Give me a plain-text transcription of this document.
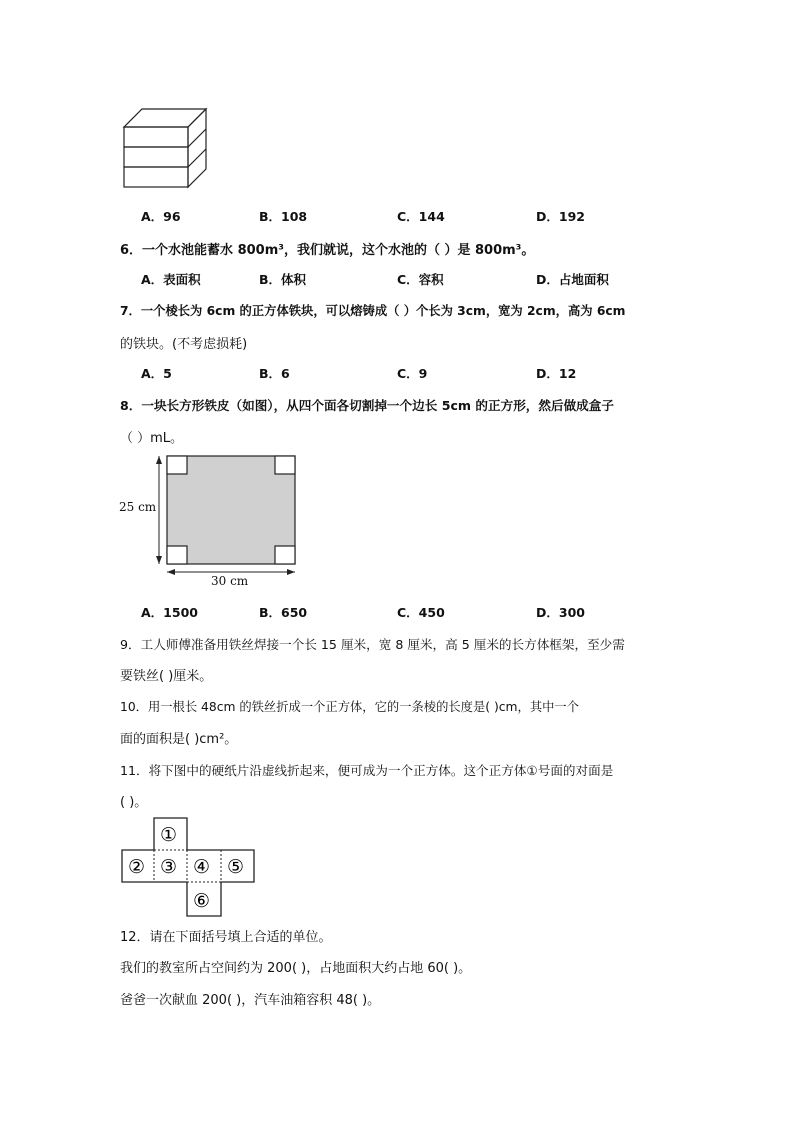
A．96	B．108	C．144	D．192
6．一个水池能蓄水 800m³，我们就说，这个水池的（ ）是 800m³。
A．表面积	B．体积	C．容积	D．占地面积
7．一个棱长为 6cm 的正方体铁块，可以熔铸成（ ）个长为 3cm，宽为 2cm，高为 6cm
的铁块。(不考虑损耗)
A．5	B．6	C．9	D．12
8．一块长方形铁皮（如图），从四个面各切割掉一个边长 5cm 的正方形，然后做成盒子
（ ）mL。
25 cm
30 cm
A．1500	B．650	C．450	D．300
9．工人师傅准备用铁丝焊接一个长 15 厘米，宽 8 厘米，高 5 厘米的长方体框架，至少需
要铁丝( )厘米。
10．用一根长 48cm 的铁丝折成一个正方体，它的一条棱的长度是( )cm，其中一个
面的面积是( )cm²。
11．将下图中的硬纸片沿虚线折起来，便可成为一个正方体。这个正方体①号面的对面是
( )。
①
② ③ ④ ⑤
⑥
12．请在下面括号填上合适的单位。
我们的教室所占空间约为 200( )，占地面积大约占地 60( )。
爸爸一次献血 200( )，汽车油箱容积 48( )。
